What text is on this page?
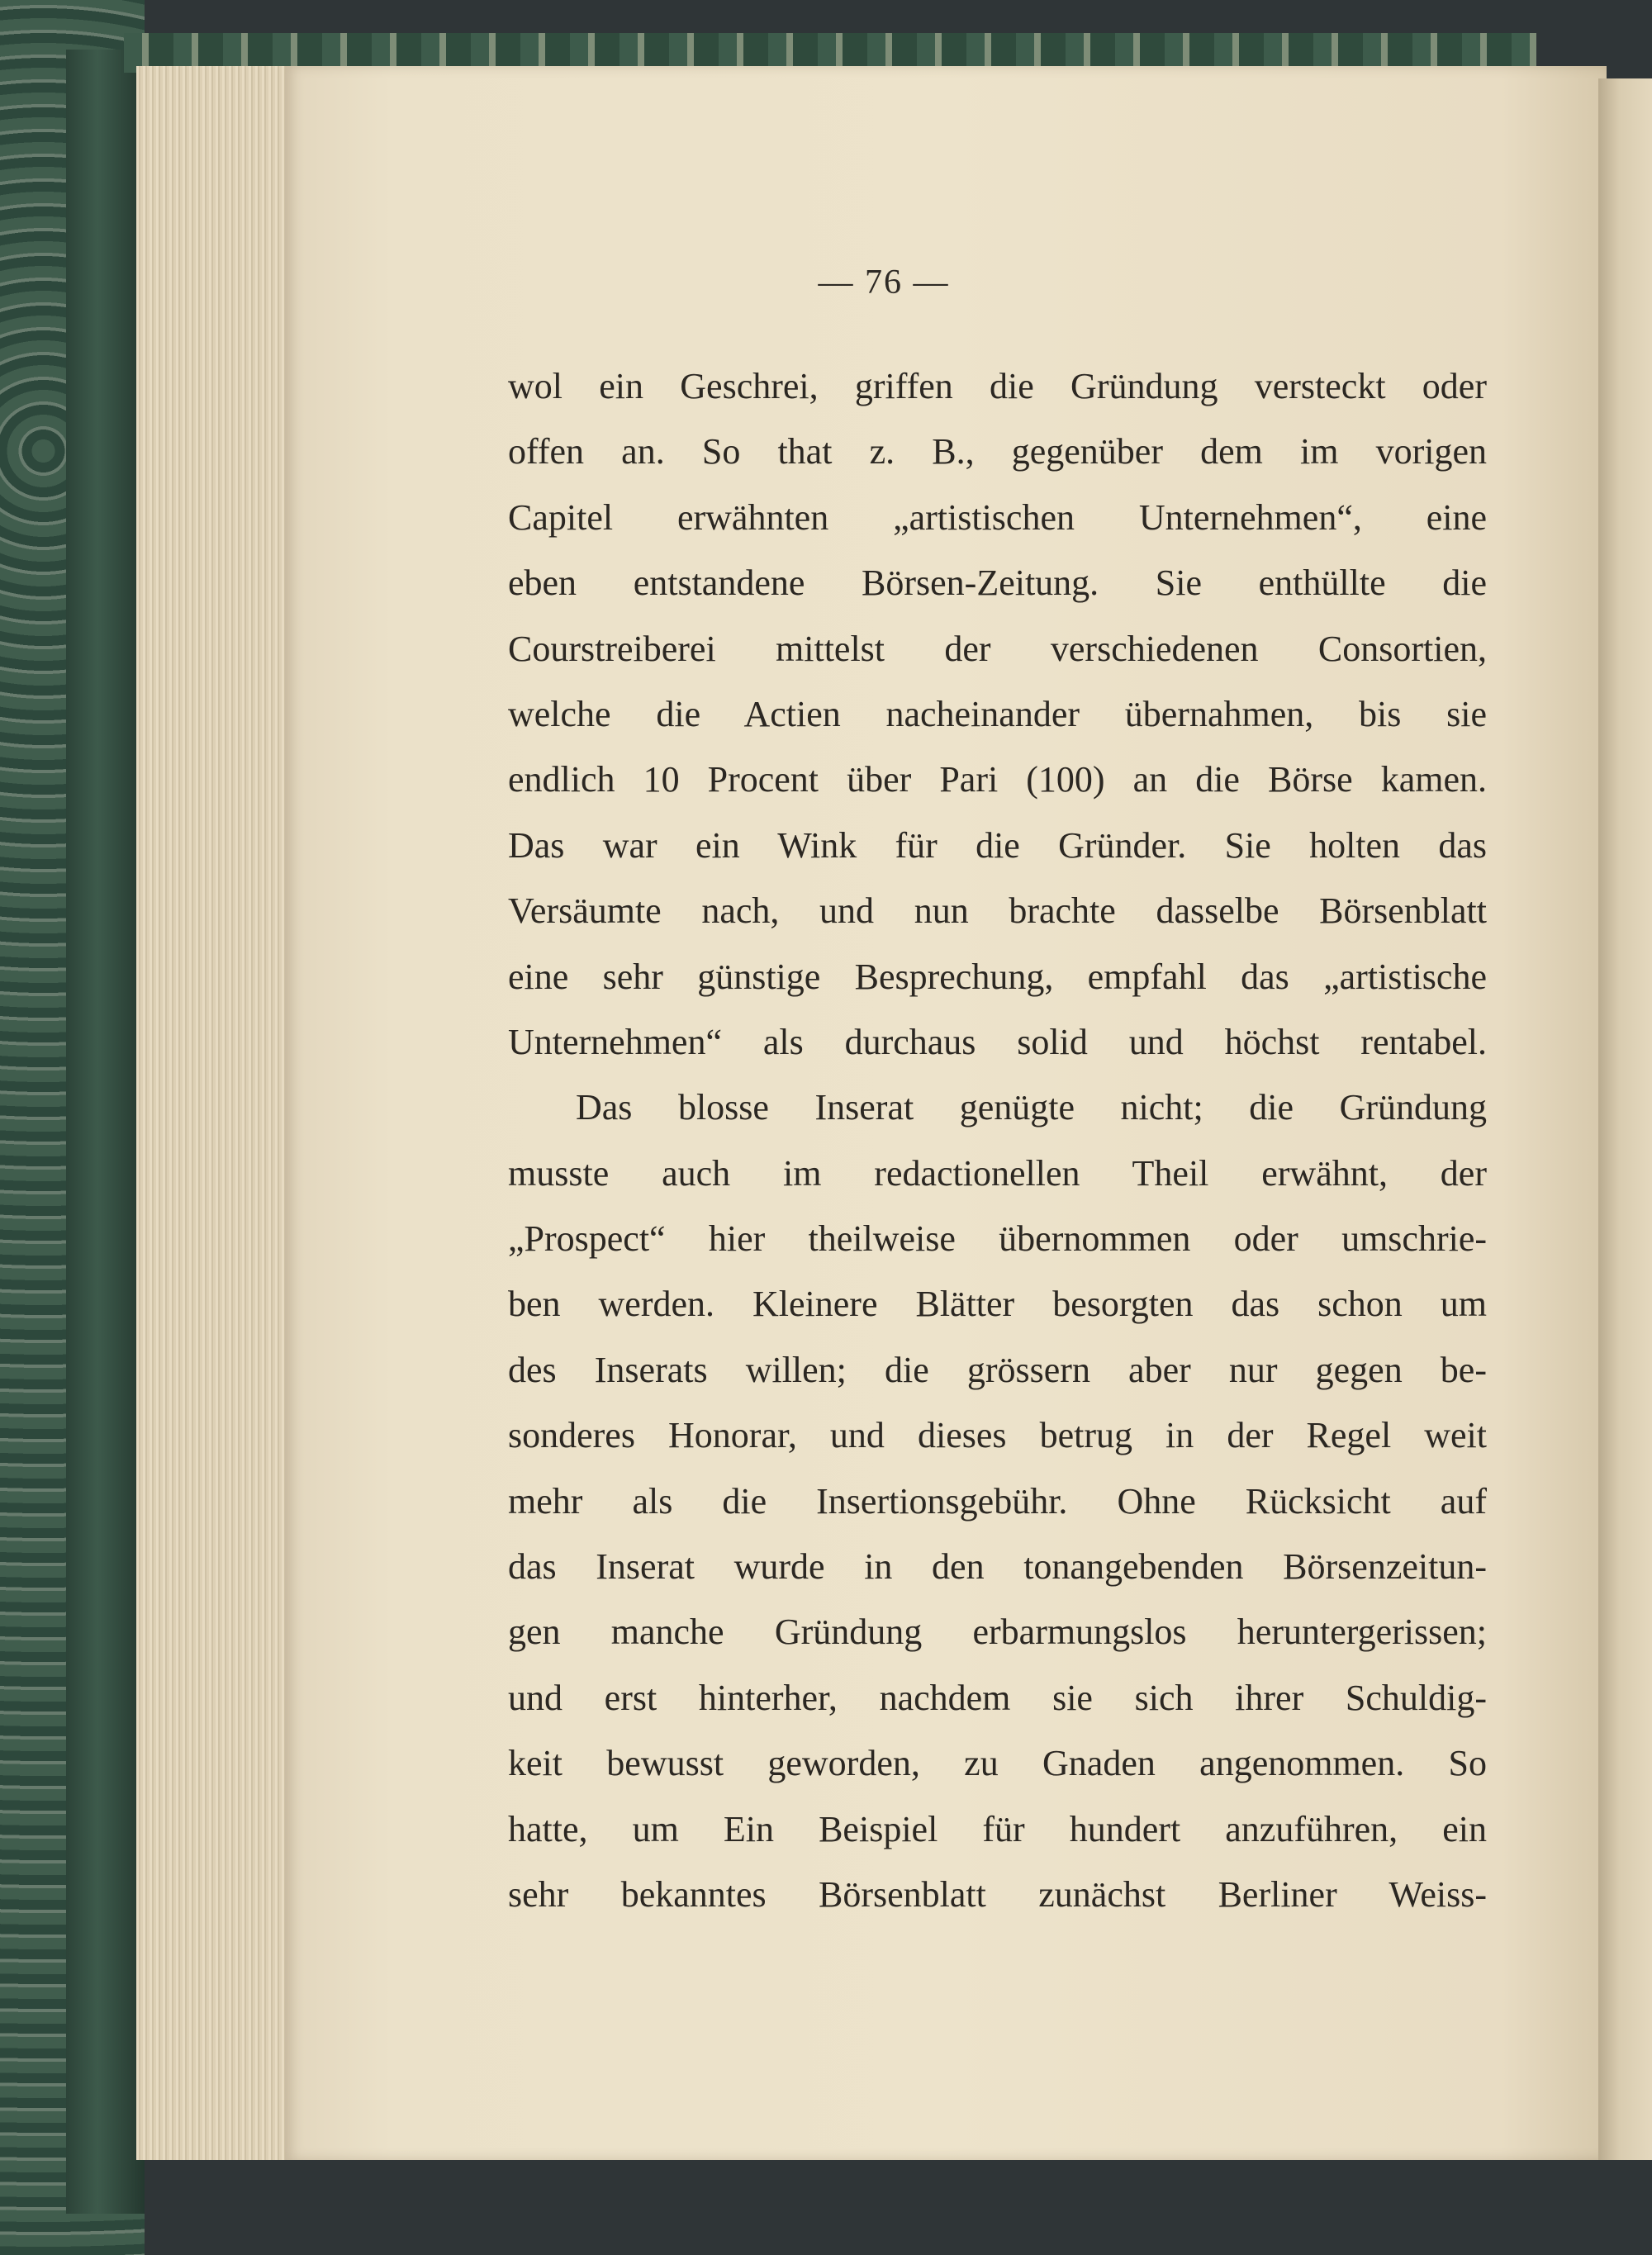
— 76 —
wol ein Geschrei, griffen die Gründung versteckt oder
offen an. So that z. B., gegenüber dem im vorigen
Capitel erwähnten „artistischen Unternehmen“, eine
eben entstandene Börsen-Zeitung. Sie enthüllte die
Courstreiberei mittelst der verschiedenen Consortien,
welche die Actien nacheinander übernahmen, bis sie
endlich 10 Procent über Pari (100) an die Börse kamen.
Das war ein Wink für die Gründer. Sie holten das
Versäumte nach, und nun brachte dasselbe Börsenblatt
eine sehr günstige Besprechung, empfahl das „artistische
Unternehmen“ als durchaus solid und höchst rentabel.
Das blosse Inserat genügte nicht; die Gründung
musste auch im redactionellen Theil erwähnt, der
„Prospect“ hier theilweise übernommen oder umschrie-
ben werden. Kleinere Blätter besorgten das schon um
des Inserats willen; die grössern aber nur gegen be-
sonderes Honorar, und dieses betrug in der Regel weit
mehr als die Insertionsgebühr. Ohne Rücksicht auf
das Inserat wurde in den tonangebenden Börsenzeitun-
gen manche Gründung erbarmungslos heruntergerissen;
und erst hinterher, nachdem sie sich ihrer Schuldig-
keit bewusst geworden, zu Gnaden angenommen. So
hatte, um Ein Beispiel für hundert anzuführen, ein
sehr bekanntes Börsenblatt zunächst Berliner Weiss-
